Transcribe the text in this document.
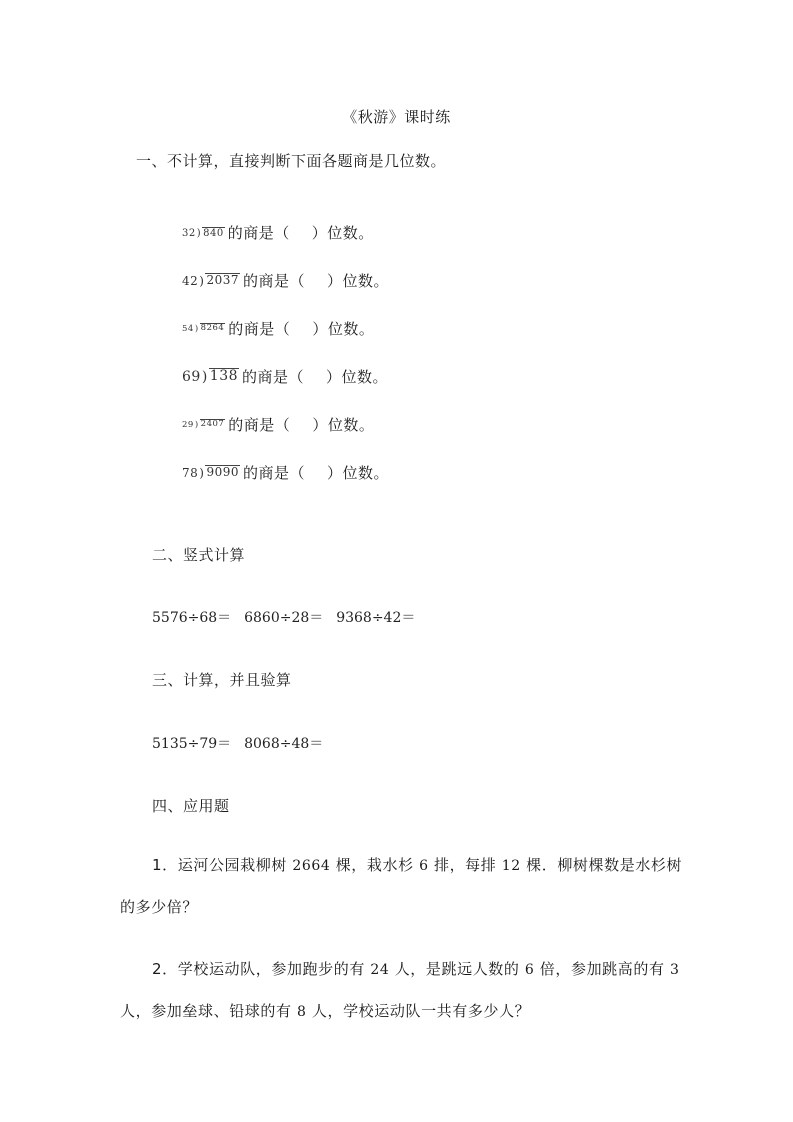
《秋游》课时练
一、不计算，直接判断下面各题商是几位数。
32 ) 840 的商是（ ）位数。
42 ) 2037 的商是（ ）位数。
54 ) 8264 的商是（ ）位数。
69 ) 138 的商是（ ）位数。
29 ) 2407 的商是（ ）位数。
78 ) 9090 的商是（ ）位数。
二、竖式计算
5576÷68＝ 6860÷28＝ 9368÷42＝
三、计算，并且验算
5135÷79＝ 8068÷48＝
四、应用题
1．运河公园栽柳树 2664 棵，栽水杉 6 排，每排 12 棵．柳树棵数是水杉树
的多少倍？
2．学校运动队，参加跑步的有 24 人，是跳远人数的 6 倍，参加跳高的有 3
人，参加垒球、铅球的有 8 人，学校运动队一共有多少人？
